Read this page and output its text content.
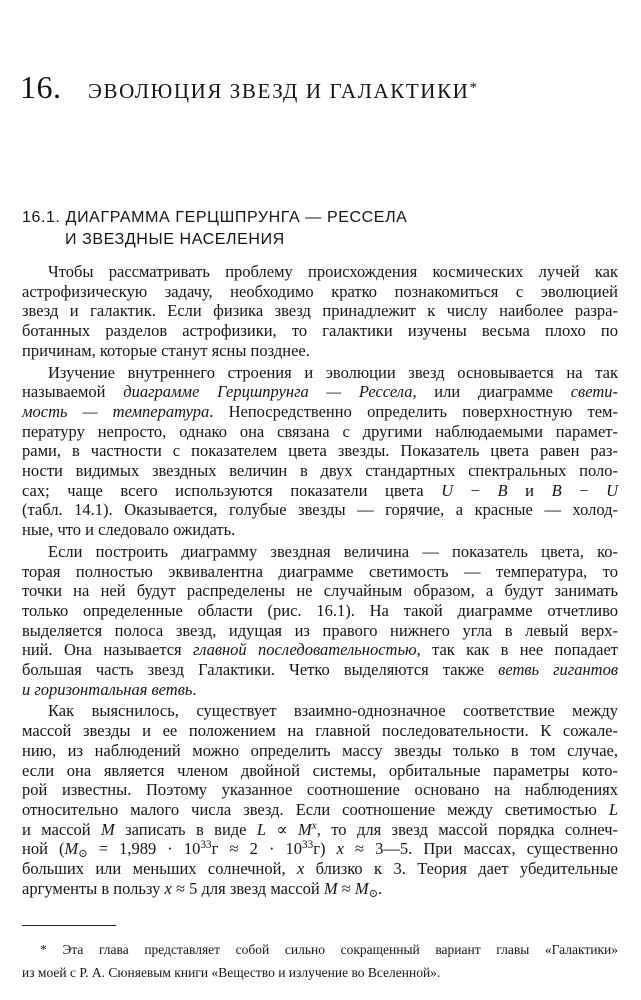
16. ЭВОЛЮЦИЯ ЗВЕЗД И ГАЛАКТИКИ*
16.1. ДИАГРАММА ГЕРЦШПРУНГА — РЕССЕЛА
И ЗВЕЗДНЫЕ НАСЕЛЕНИЯ
Чтобы рассматривать проблему происхождения космических лучей как
астрофизическую задачу, необходимо кратко познакомиться с эволюцией
звезд и галактик. Если физика звезд принадлежит к числу наиболее разра-
ботанных разделов астрофизики, то галактики изучены весьма плохо по
причинам, которые станут ясны позднее.
Изучение внутреннего строения и эволюции звезд основывается на так
называемой диаграмме Герцшпрунга — Рессела, или диаграмме свети-
мость — температура. Непосредственно определить поверхностную тем-
пературу непросто, однако она связана с другими наблюдаемыми парамет-
рами, в частности с показателем цвета звезды. Показатель цвета равен раз-
ности видимых звездных величин в двух стандартных спектральных поло-
сах; чаще всего используются показатели цвета U − B и B − U
(табл. 14.1). Оказывается, голубые звезды — горячие, а красные — холод-
ные, что и следовало ожидать.
Если построить диаграмму звездная величина — показатель цвета, ко-
торая полностью эквивалентна диаграмме светимость — температура, то
точки на ней будут распределены не случайным образом, а будут занимать
только определенные области (рис. 16.1). На такой диаграмме отчетливо
выделяется полоса звезд, идущая из правого нижнего угла в левый верх-
ний. Она называется главной последовательностью, так как в нее попадает
большая часть звезд Галактики. Четко выделяются также ветвь гигантов
и горизонтальная ветвь.
Как выяснилось, существует взаимно-однозначное соответствие между
массой звезды и ее положением на главной последовательности. К сожале-
нию, из наблюдений можно определить массу звезды только в том случае,
если она является членом двойной системы, орбитальные параметры кото-
рой известны. Поэтому указанное соотношение основано на наблюдениях
относительно малого числа звезд. Если соотношение между светимостью L
и массой M записать в виде $L \propto M^x$, то для звезд массой порядка солнеч-
ной $(M_⊙ = 1,989 \cdot 10^{33}г \approx 2 \cdot 10^{33}г) x$ ≈ 3—5. При массах, существенно
больших или меньших солнечной, x близко к 3. Теория дает убедительные
аргументы в пользу x ≈ 5 для звезд массой $M \approx M_⊙$.
* Эта глава представляет собой сильно сокращенный вариант главы «Галактики»
из моей с Р. А. Сюняевым книги «Вещество и излучение во Вселенной».
